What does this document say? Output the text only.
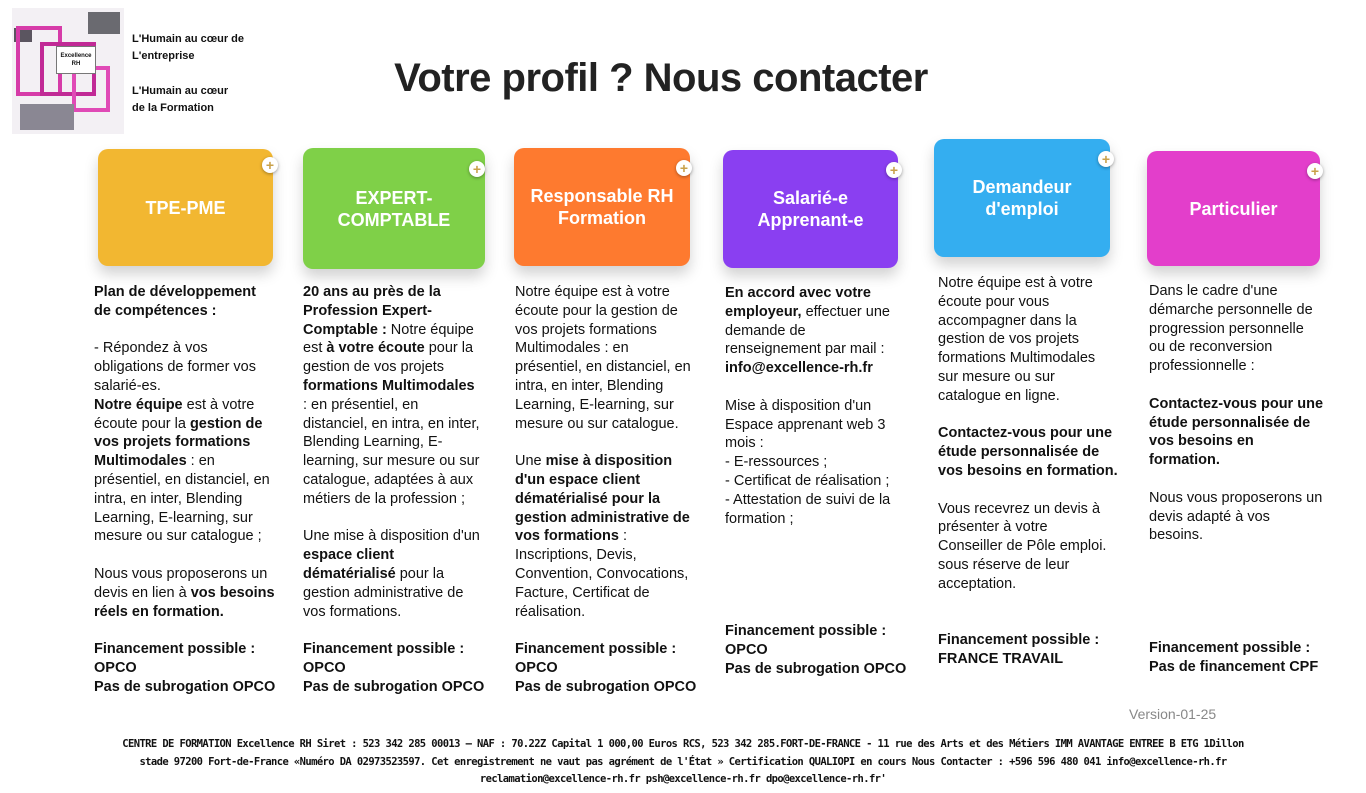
Excellence RH
L'Humain au cœur de
L'entreprise
L'Humain au cœur
de la Formation
Votre profil ? Nous contacter
TPE-PME
+
EXPERT-
COMPTABLE
+
Responsable RH
Formation
+
Salarié-e
Apprenant-e
+
Demandeur
d'emploi
+
Particulier
+

Plan de développement

de compétences :

- Répondez à vos

obligations de former vos

salarié-es.

Notre équipe est à votre

écoute pour la gestion de

vos projets formations

Multimodales : en

présentiel, en distanciel, en

intra, en inter, Blending

Learning, E-learning, sur

mesure ou sur catalogue ;

Nous vous proposerons un

devis en lien à vos besoins

réels en formation.

Financement possible :

OPCO

Pas de subrogation OPCO

20 ans au près de la

Profession Expert-

Comptable : Notre équipe

est à votre écoute pour la

gestion de vos projets

formations Multimodales

: en présentiel, en

distanciel, en intra, en inter,

Blending Learning, E-

learning, sur mesure ou sur

catalogue, adaptées à aux

métiers de la profession ;

Une mise à disposition d'un

espace client

dématérialisé pour la

gestion administrative de

vos formations.

Financement possible :

OPCO

Pas de subrogation OPCO

Notre équipe est à votre

écoute pour la gestion de

vos projets formations

Multimodales : en

présentiel, en distanciel, en

intra, en inter, Blending

Learning, E-learning, sur

mesure ou sur catalogue.

Une mise à disposition

d'un espace client

dématérialisé pour la

gestion administrative de

vos formations :

Inscriptions, Devis,

Convention, Convocations,

Facture, Certificat de

réalisation.

Financement possible :

OPCO

Pas de subrogation OPCO

En accord avec votre

employeur, effectuer une

demande de

renseignement par mail :

info@excellence-rh.fr

Mise à disposition d'un

Espace apprenant web 3

mois :

- E-ressources ;

- Certificat de réalisation ;

- Attestation de suivi de la

formation ;

Financement possible :

OPCO

Pas de subrogation OPCO

Notre équipe est à votre

écoute pour vous

accompagner dans la

gestion de vos projets

formations Multimodales

sur mesure ou sur

catalogue en ligne.

Contactez-vous pour une

étude personnalisée de

vos besoins en formation.

Vous recevrez un devis à

présenter à votre

Conseiller de Pôle emploi.

sous réserve de leur

acceptation.

Financement possible :

FRANCE TRAVAIL

Dans le cadre d'une

démarche personnelle de

progression personnelle

ou de reconversion

professionnelle :

Contactez-vous pour une

étude personnalisée de

vos besoins en

formation.

Nous vous proposerons un

devis adapté à vos

besoins.

Financement possible :

Pas de financement CPF

Version-01-25
CENTRE DE FORMATION Excellence RH Siret : 523 342 285 00013 – NAF : 70.22Z Capital 1 000,00 Euros RCS, 523 342 285.FORT-DE-FRANCE - 11 rue des Arts et des Métiers IMM AVANTAGE ENTREE B ETG 1Dillon
stade 97200 Fort-de-France «Numéro DA 02973523597. Cet enregistrement ne vaut pas agrément de l'État » Certification QUALIOPI en cours Nous Contacter : +596 596 480 041 info@excellence-rh.fr
reclamation@excellence-rh.fr psh@excellence-rh.fr dpo@excellence-rh.fr'
